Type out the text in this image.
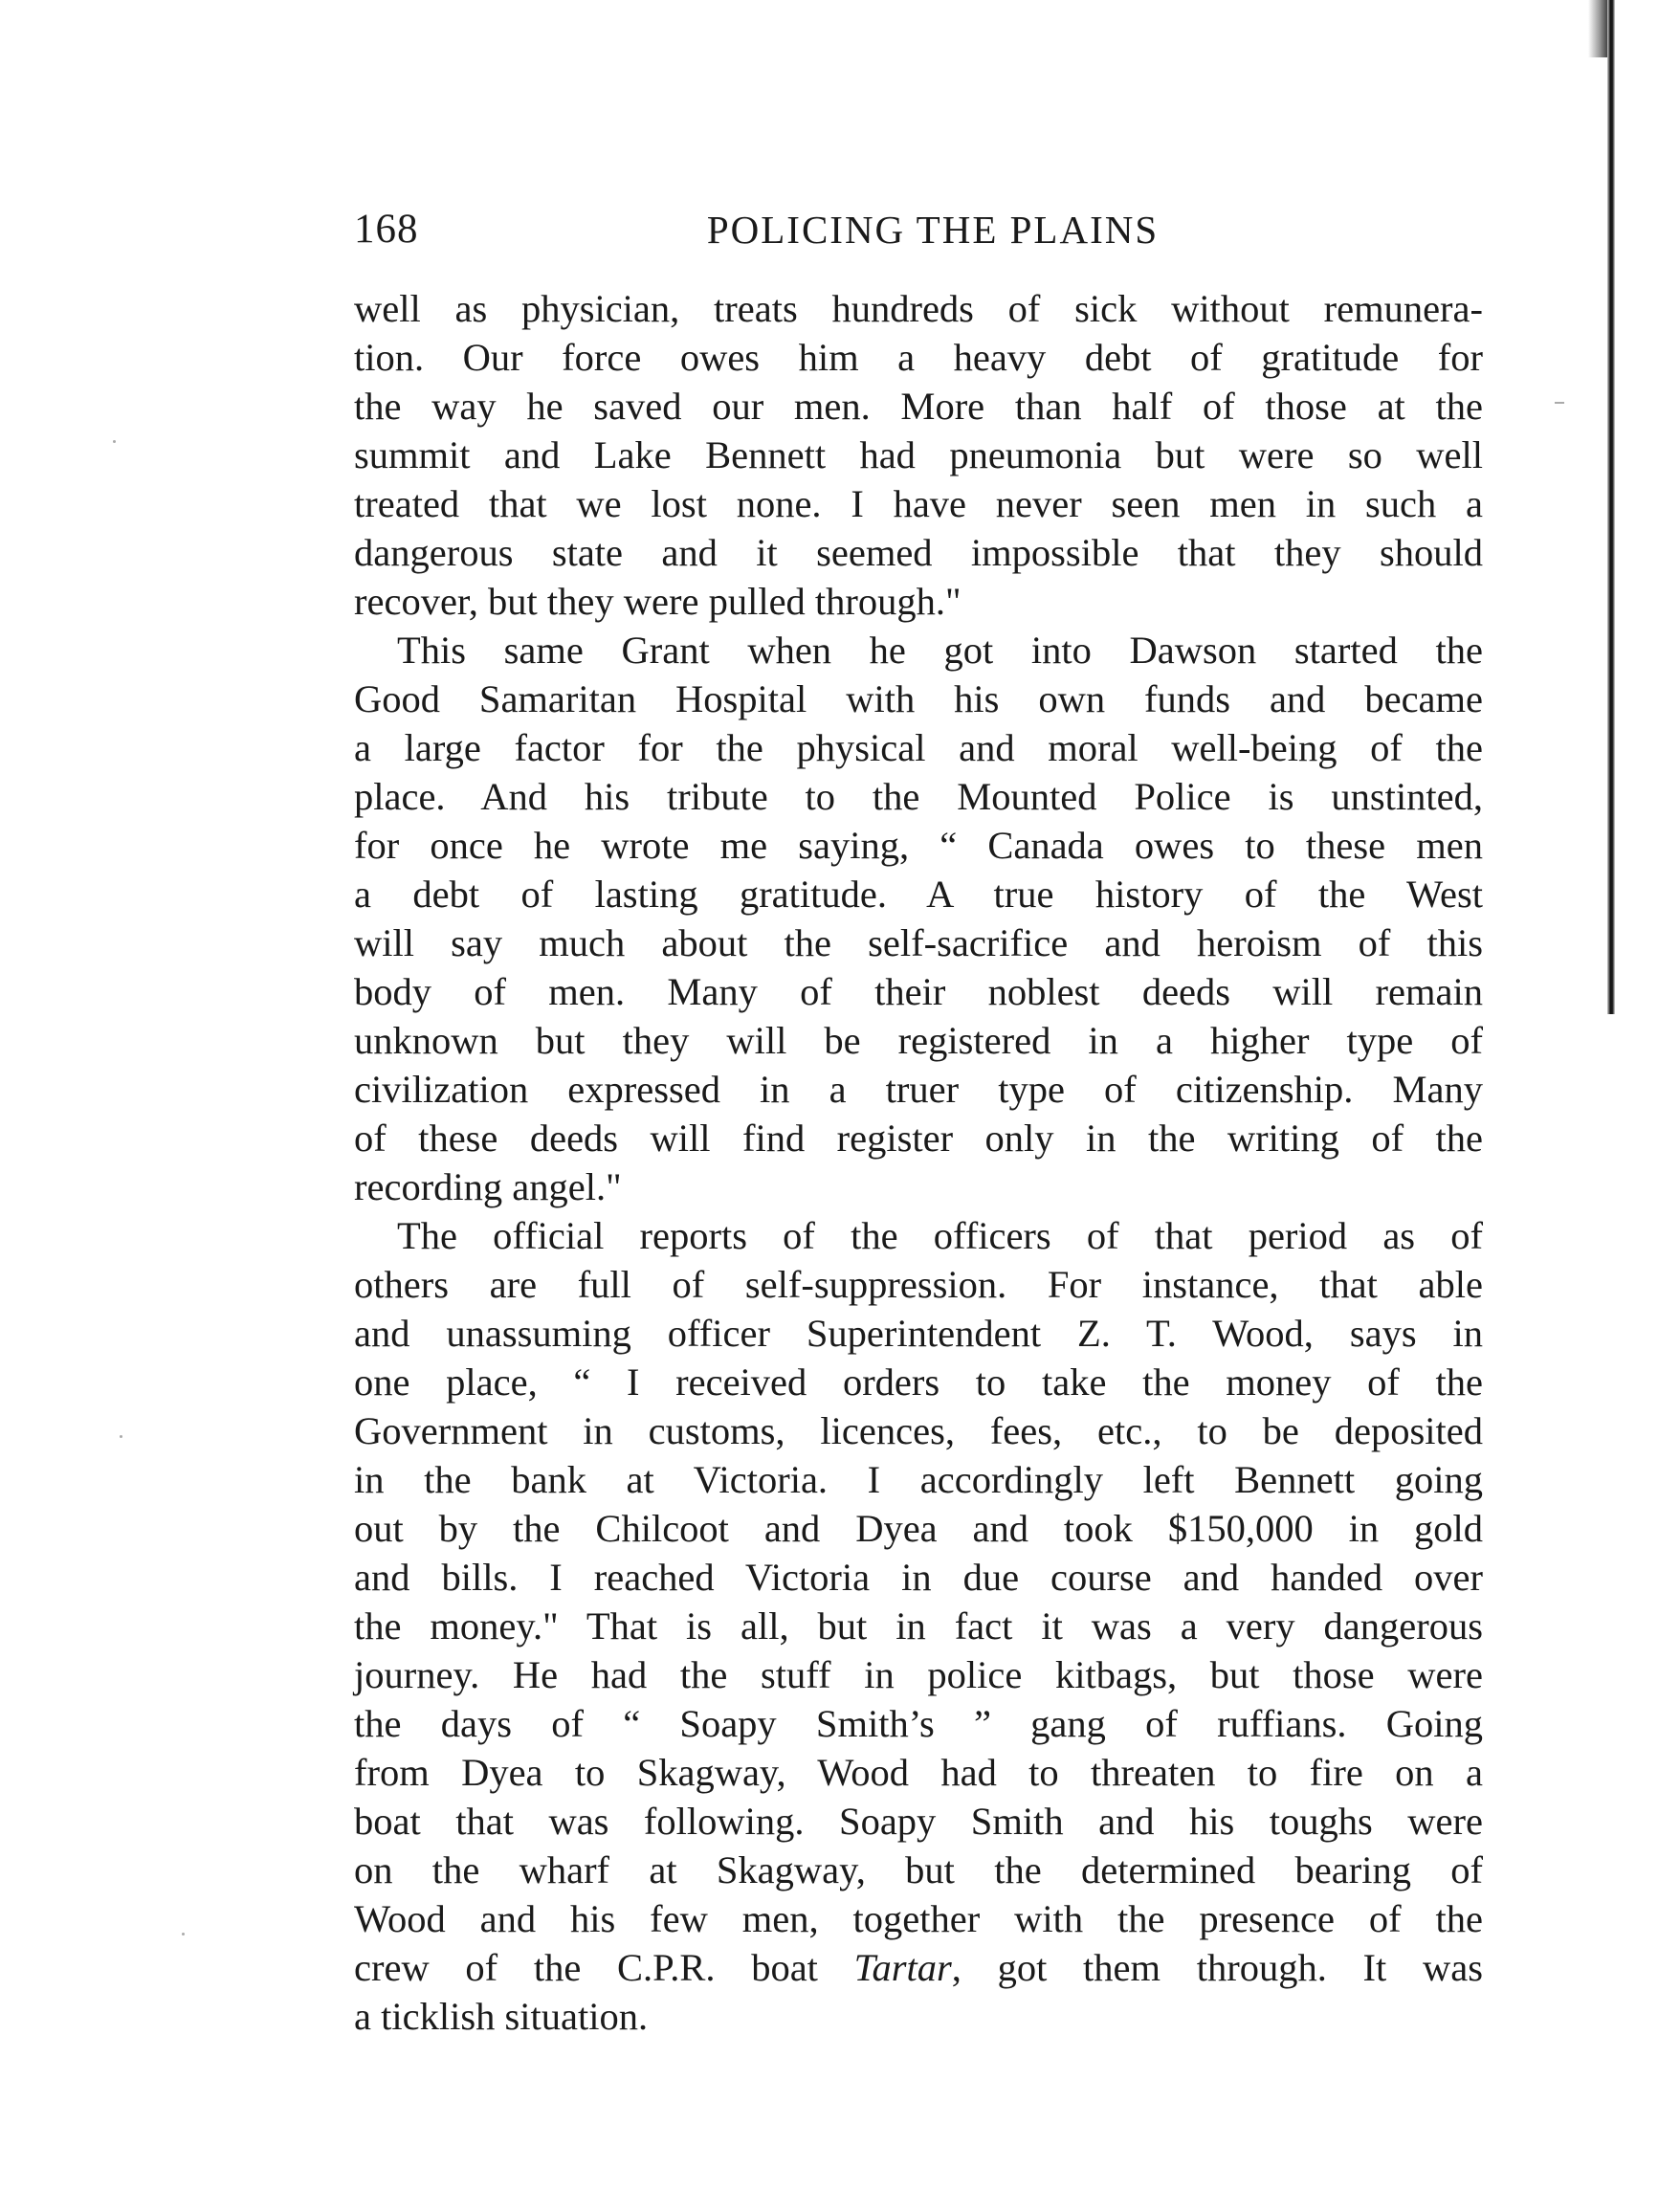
168	POLICING THE PLAINS
well as physician, treats hundreds of sick without remunera-
tion. Our force owes him a heavy debt of gratitude for
the way he saved our men. More than half of those at the
summit and Lake Bennett had pneumonia but were so well
treated that we lost none. I have never seen men in such a
dangerous state and it seemed impossible that they should
recover, but they were pulled through."
This same Grant when he got into Dawson started the
Good Samaritan Hospital with his own funds and became
a large factor for the physical and moral well-being of the
place. And his tribute to the Mounted Police is unstinted,
for once he wrote me saying, “ Canada owes to these men
a debt of lasting gratitude. A true history of the West
will say much about the self-sacrifice and heroism of this
body of men. Many of their noblest deeds will remain
unknown but they will be registered in a higher type of
civilization expressed in a truer type of citizenship. Many
of these deeds will find register only in the writing of the
recording angel."
The official reports of the officers of that period as of
others are full of self-suppression. For instance, that able
and unassuming officer Superintendent Z. T. Wood, says in
one place, “ I received orders to take the money of the
Government in customs, licences, fees, etc., to be deposited
in the bank at Victoria. I accordingly left Bennett going
out by the Chilcoot and Dyea and took $150,000 in gold
and bills. I reached Victoria in due course and handed over
the money." That is all, but in fact it was a very dangerous
journey. He had the stuff in police kitbags, but those were
the days of “ Soapy Smith’s ” gang of ruffians. Going
from Dyea to Skagway, Wood had to threaten to fire on a
boat that was following. Soapy Smith and his toughs were
on the wharf at Skagway, but the determined bearing of
Wood and his few men, together with the presence of the
crew of the C.P.R. boat Tartar, got them through. It was
a ticklish situation.
